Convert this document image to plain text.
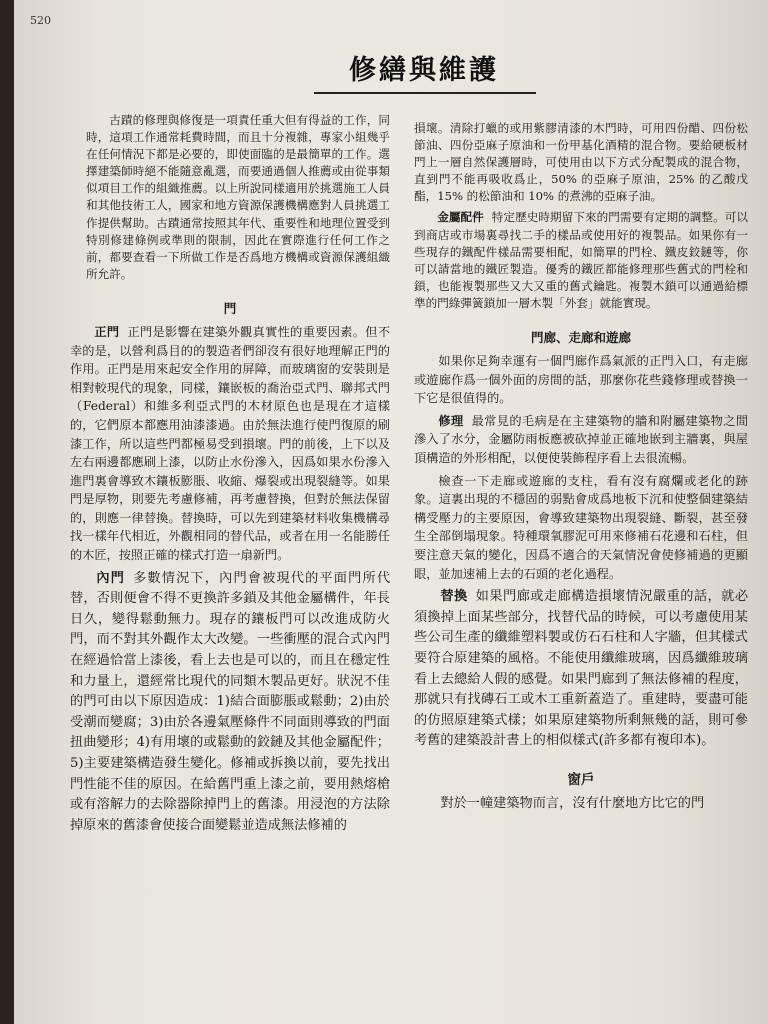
520
修繕與維護

古蹟的修理與修復是一項責任重大但有得益的工作，同時，這項工作通常耗費時間，而且十分複雜，專家小組幾乎在任何情況下都是必要的，即使面臨的是最簡單的工作。選擇建築師時絕不能隨意亂選，而要通過個人推薦或由從事類似項目工作的組織推薦。以上所說同樣適用於挑選施工人員和其他技術工人，國家和地方資源保護機構應對人員挑選工作提供幫助。古蹟通常按照其年代、重要性和地理位置受到特別修建條例或準則的限制，因此在實際進行任何工作之前，都要查看一下所做工作是否爲地方機構或資源保護組織所允許。

門

正門 正門是影響在建築外觀真實性的重要因素。但不幸的是，以營利爲目的的製造者們卻沒有很好地理解正門的作用。正門是用來起安全作用的屏障，而玻璃窗的安裝則是相對較現代的現象，同樣，鑲嵌板的喬治亞式門、聯邦式門（Federal）和維多利亞式門的木材原色也是現在才這樣的，它們原本都應用油漆漆過。由於無法進行使門復原的刷漆工作，所以這些門都極易受到損壞。門的前後，上下以及左右兩邊都應刷上漆，以防止水份滲入，因爲如果水份滲入進門裏會導致木鑲板膨脹、收縮、爆裂或出現裂縫等。如果門是厚物，則要先考慮修補，再考慮替換，但對於無法保留的，則應一律替換。替換時，可以先到建築材料收集機構尋找一樣年代相近，外觀相同的替代品，或者在用一名能勝任的木匠，按照正確的樣式打造一扇新門。

內門 多數情況下，內門會被現代的平面門所代替，否則便會不得不更換許多鎖及其他金屬構件，年長日久，變得鬆動無力。現存的鑲板門可以改進成防火門，而不對其外觀作太大改變。一些衝壓的混合式內門在經過恰當上漆後，看上去也是可以的，而且在穩定性和力量上，還經常比現代的同類木製品更好。狀況不佳的門可由以下原因造成：1)結合面膨脹或鬆動；2)由於受潮而變腐；3)由於各邊氣壓條件不同面則導致的門面扭曲變形；4)有用壞的或鬆動的鉸鏈及其他金屬配件；5)主要建築構造發生變化。修補或拆換以前，要先找出門性能不佳的原因。在給舊門重上漆之前，要用熱熔槍或有溶解力的去除器除掉門上的舊漆。用浸泡的方法除掉原來的舊漆會使接合面變鬆並造成無法修補的

損壞。清除打蠟的或用紫膠清漆的木門時，可用四份醋、四份松節油、四份亞麻子原油和一份甲基化酒精的混合物。要給硬板材門上一層自然保護層時，可使用由以下方式分配製成的混合物，直到門不能再吸收爲止，50% 的亞麻子原油，25% 的乙酸戊酯，15% 的松節油和 10% 的煮沸的亞麻子油。

金屬配件 特定歷史時期留下來的門需要有定期的調整。可以到商店或市場裏尋找二手的樣品或使用好的複製品。如果你有一些現存的鐵配件樣品需要相配，如簡單的門栓、鐵皮鉸鏈等，你可以請當地的鐵匠製造。優秀的鐵匠都能修理那些舊式的門栓和鎖，也能複製那些又大又重的舊式鑰匙。複製木鎖可以通過給標準的門綠彈簧鎖加一層木製「外套」就能實現。

門廊、走廊和遊廊

如果你足夠幸運有一個門廊作爲氣派的正門入口，有走廊或遊廊作爲一個外面的房間的話，那麼你花些錢修理或替換一下它是很值得的。

修理 最常見的毛病是在主建築物的牆和附屬建築物之間滲入了水分，金屬防雨板應被砍掉並正確地嵌到主牆裏，與屋頂構造的外形相配，以便使裝飾程序看上去很流暢。

檢查一下走廊或遊廊的支柱，看有沒有腐爛或老化的跡象。這裏出現的不穩固的弱點會成爲地板下沉和使整個建築結構受壓力的主要原因，會導致建築物出現裂縫、斷裂，甚至發生全部倒塌現象。特種環氧膠泥可用來修補石花邊和石柱，但要注意天氣的變化，因爲不適合的天氣情況會使修補過的更顯眼，並加速補上去的石頭的老化過程。

替換 如果門廊或走廊構造損壞情況嚴重的話，就必須換掉上面某些部分，找替代品的時候，可以考慮使用某些公司生產的纖維塑料製或仿石石柱和人字牆，但其樣式要符合原建築的風格。不能使用纖維玻璃，因爲纖維玻璃看上去總給人假的感覺。如果門廊到了無法修補的程度，那就只有找磚石工或木工重新蓋造了。重建時，要盡可能的仿照原建築式樣；如果原建築物所剩無幾的話，則可參考舊的建築設計書上的相似樣式(許多都有複印本)。

窗戶

對於一幢建築物而言，沒有什麼地方比它的門
